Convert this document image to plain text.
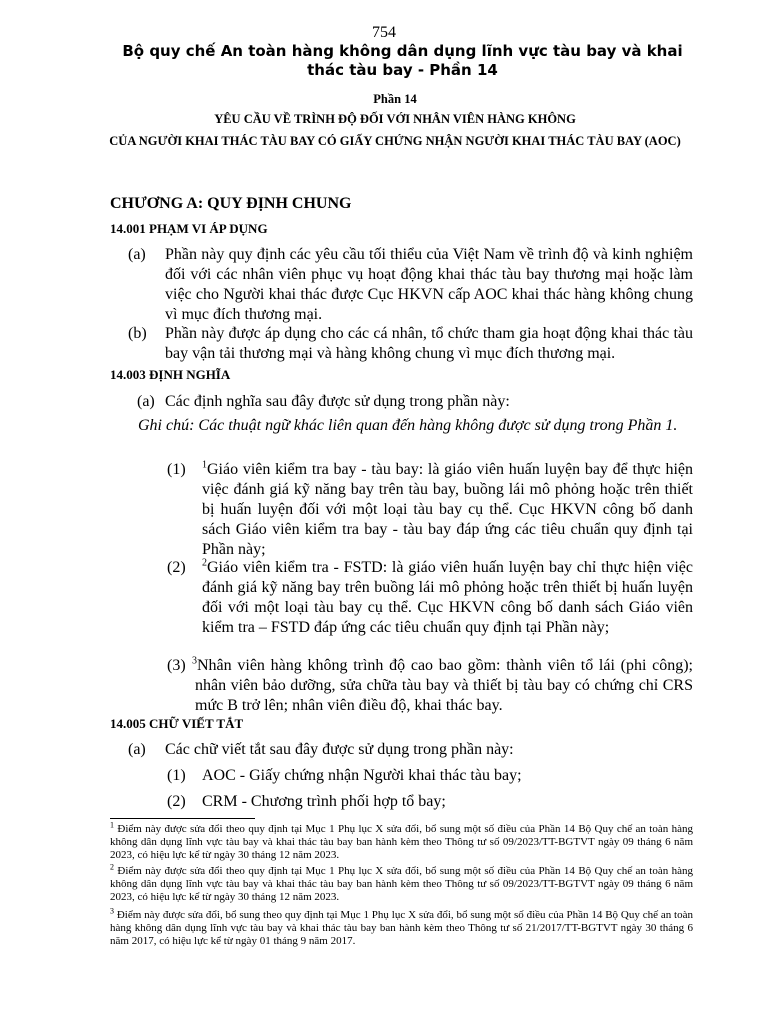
754
Bộ quy chế An toàn hàng không dân dụng lĩnh vực tàu bay và khai thác tàu bay - Phần 14
Phần 14
YÊU CẦU VỀ TRÌNH ĐỘ ĐỐI VỚI NHÂN VIÊN HÀNG KHÔNG
CỦA NGƯỜI KHAI THÁC TÀU BAY CÓ GIẤY CHỨNG NHẬN NGƯỜI KHAI THÁC TÀU BAY (AOC)
CHƯƠNG A: QUY ĐỊNH CHUNG
14.001 PHẠM VI ÁP DỤNG
(a) Phần này quy định các yêu cầu tối thiểu của Việt Nam về trình độ và kinh nghiệm đối với các nhân viên phục vụ hoạt động khai thác tàu bay thương mại hoặc làm việc cho Người khai thác được Cục HKVN cấp AOC khai thác hàng không chung vì mục đích thương mại.
(b) Phần này được áp dụng cho các cá nhân, tổ chức tham gia hoạt động khai thác tàu bay vận tải thương mại và hàng không chung vì mục đích thương mại.
14.003 ĐỊNH NGHĨA
(a) Các định nghĩa sau đây được sử dụng trong phần này:
Ghi chú: Các thuật ngữ khác liên quan đến hàng không được sử dụng trong Phần 1.
(1) $^1$Giáo viên kiểm tra bay - tàu bay: là giáo viên huấn luyện bay để thực hiện việc đánh giá kỹ năng bay trên tàu bay, buồng lái mô phỏng hoặc trên thiết bị huấn luyện đối với một loại tàu bay cụ thể. Cục HKVN công bố danh sách Giáo viên kiểm tra bay - tàu bay đáp ứng các tiêu chuẩn quy định tại Phần này;
(2) $^2$Giáo viên kiểm tra - FSTD: là giáo viên huấn luyện bay chỉ thực hiện việc đánh giá kỹ năng bay trên buồng lái mô phỏng hoặc trên thiết bị huấn luyện đối với một loại tàu bay cụ thể. Cục HKVN công bố danh sách Giáo viên kiểm tra – FSTD đáp ứng các tiêu chuẩn quy định tại Phần này;
(3) $^3$Nhân viên hàng không trình độ cao bao gồm: thành viên tổ lái (phi công); nhân viên bảo dưỡng, sửa chữa tàu bay và thiết bị tàu bay có chứng chỉ CRS mức B trở lên; nhân viên điều độ, khai thác bay.
14.005 CHỮ VIẾT TẮT
(a) Các chữ viết tắt sau đây được sử dụng trong phần này:
(1) AOC - Giấy chứng nhận Người khai thác tàu bay;
(2) CRM - Chương trình phối hợp tổ bay;
$^1$ Điểm này được sửa đổi theo quy định tại Mục 1 Phụ lục X sửa đổi, bổ sung một số điều của Phần 14 Bộ Quy chế an toàn hàng không dân dụng lĩnh vực tàu bay và khai thác tàu bay ban hành kèm theo Thông tư số 09/2023/TT-BGTVT ngày 09 tháng 6 năm 2023, có hiệu lực kể từ ngày 30 tháng 12 năm 2023.
$^2$ Điểm này được sửa đổi theo quy định tại Mục 1 Phụ lục X sửa đổi, bổ sung một số điều của Phần 14 Bộ Quy chế an toàn hàng không dân dụng lĩnh vực tàu bay và khai thác tàu bay ban hành kèm theo Thông tư số 09/2023/TT-BGTVT ngày 09 tháng 6 năm 2023, có hiệu lực kể từ ngày 30 tháng 12 năm 2023.
$^3$ Điểm này được sửa đổi, bổ sung theo quy định tại Mục 1 Phụ lục X sửa đổi, bổ sung một số điều của Phần 14 Bộ Quy chế an toàn hàng không dân dụng lĩnh vực tàu bay và khai thác tàu bay ban hành kèm theo Thông tư số 21/2017/TT-BGTVT ngày 30 tháng 6 năm 2017, có hiệu lực kể từ ngày 01 tháng 9 năm 2017.
